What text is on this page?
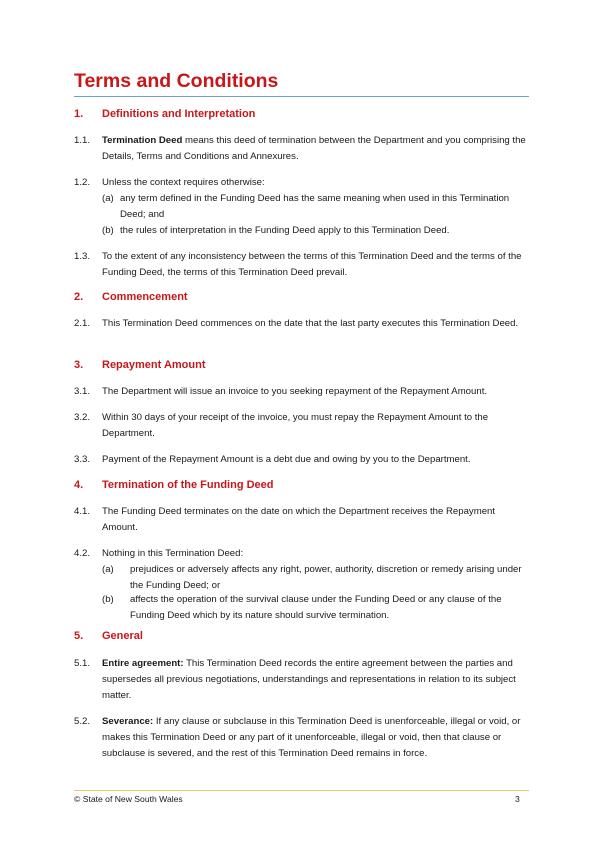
Terms and Conditions
1. Definitions and Interpretation
1.1. Termination Deed means this deed of termination between the Department and you comprising the Details, Terms and Conditions and Annexures.
1.2. Unless the context requires otherwise:
(a) any term defined in the Funding Deed has the same meaning when used in this Termination Deed; and
(b) the rules of interpretation in the Funding Deed apply to this Termination Deed.
1.3. To the extent of any inconsistency between the terms of this Termination Deed and the terms of the Funding Deed, the terms of this Termination Deed prevail.
2. Commencement
2.1. This Termination Deed commences on the date that the last party executes this Termination Deed.
3. Repayment Amount
3.1. The Department will issue an invoice to you seeking repayment of the Repayment Amount.
3.2. Within 30 days of your receipt of the invoice, you must repay the Repayment Amount to the Department.
3.3. Payment of the Repayment Amount is a debt due and owing by you to the Department.
4. Termination of the Funding Deed
4.1. The Funding Deed terminates on the date on which the Department receives the Repayment Amount.
4.2. Nothing in this Termination Deed:
(a) prejudices or adversely affects any right, power, authority, discretion or remedy arising under the Funding Deed; or
(b) affects the operation of the survival clause under the Funding Deed or any clause of the Funding Deed which by its nature should survive termination.
5. General
5.1. Entire agreement: This Termination Deed records the entire agreement between the parties and supersedes all previous negotiations, understandings and representations in relation to its subject matter.
5.2. Severance: If any clause or subclause in this Termination Deed is unenforceable, illegal or void, or makes this Termination Deed or any part of it unenforceable, illegal or void, then that clause or subclause is severed, and the rest of this Termination Deed remains in force.
© State of New South Wales	3
